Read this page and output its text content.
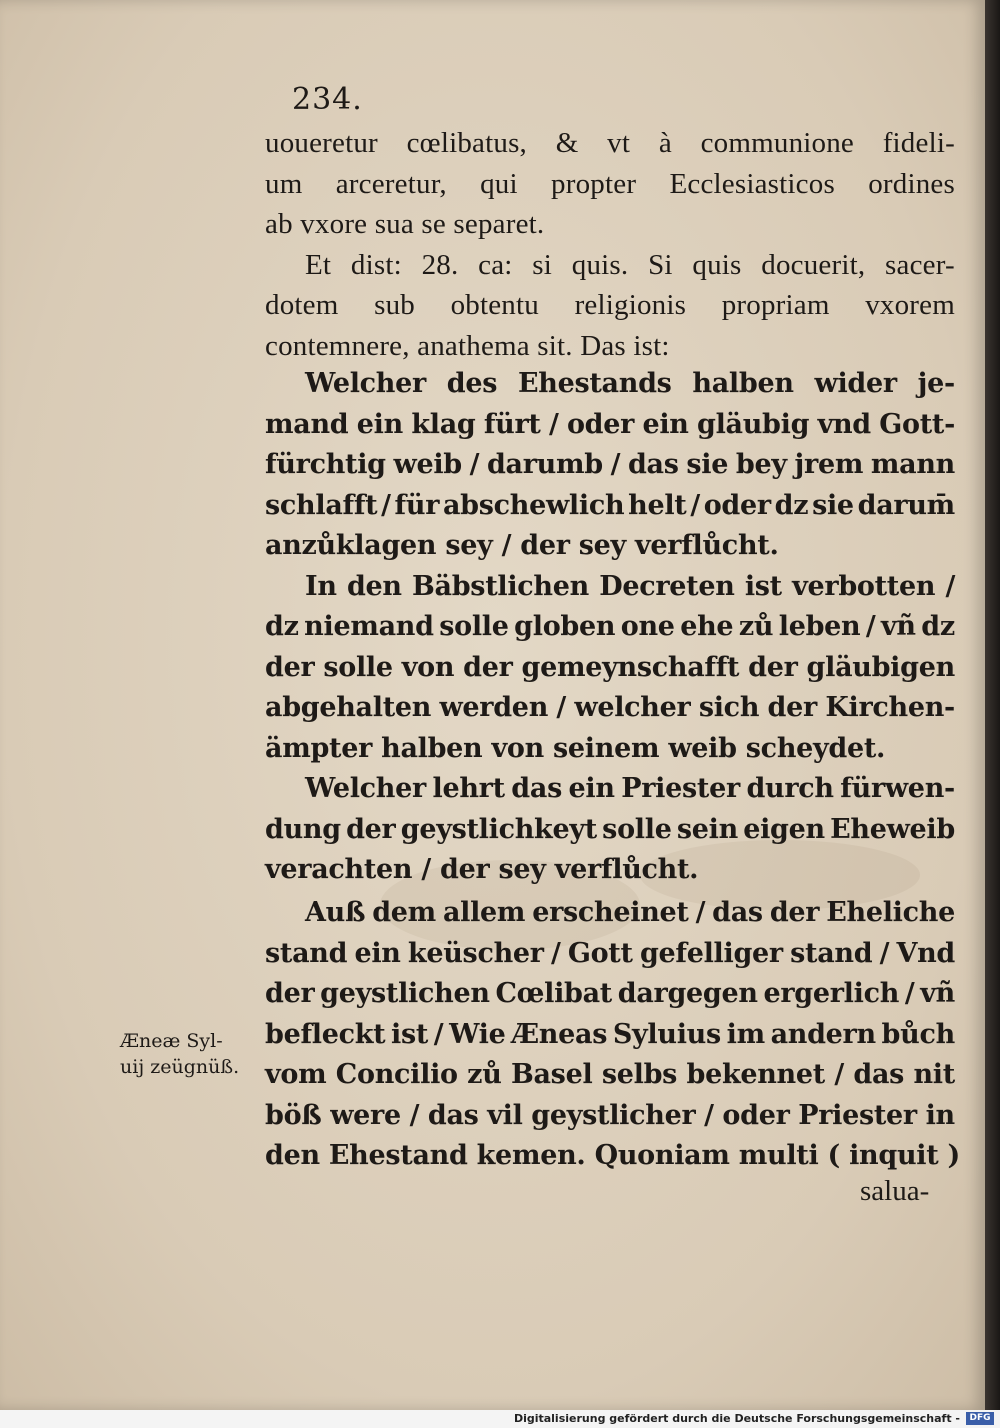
234.
uoueretur cœlibatus, & vt à communione fideli-
um arceretur, qui propter Ecclesiasticos ordines
ab vxore sua se separet.
Et dist: 28. ca: si quis. Si quis docuerit, sacer-
dotem sub obtentu religionis propriam vxorem
contemnere, anathema sit. Das ist:
Welcher des Ehestands halben wider je-
mand ein klag fürt / oder ein gläubig vnd Gott-
fürchtig weib / darumb / das sie bey jrem mann
schlafft / für abschewlich helt / oder dz sie darum̄
anzůklagen sey / der sey verflůcht.
In den Bäbstlichen Decreten ist verbotten /
dz niemand solle globen one ehe zů leben / vñ dz
der solle von der gemeynschafft der gläubigen
abgehalten werden / welcher sich der Kirchen-
ämpter halben von seinem weib scheydet.
Welcher lehrt das ein Priester durch fürwen-
dung der geystlichkeyt solle sein eigen Eheweib
verachten / der sey verflůcht.
Auß dem allem erscheinet / das der Eheliche
stand ein keüscher / Gott gefelliger stand / Vnd
der geystlichen Cœlibat dargegen ergerlich / vñ
befleckt ist / Wie Æneas Syluius im andern bůch
vom Concilio zů Basel selbs bekennet / das nit
böß were / das vil geystlicher / oder Priester in
den Ehestand kemen. Quoniam multi ( inquit )
Æneæ Syl-
uij zeügnüß.
salua-
Digitalisierung gefördert durch die Deutsche Forschungsgemeinschaft -	DFG
